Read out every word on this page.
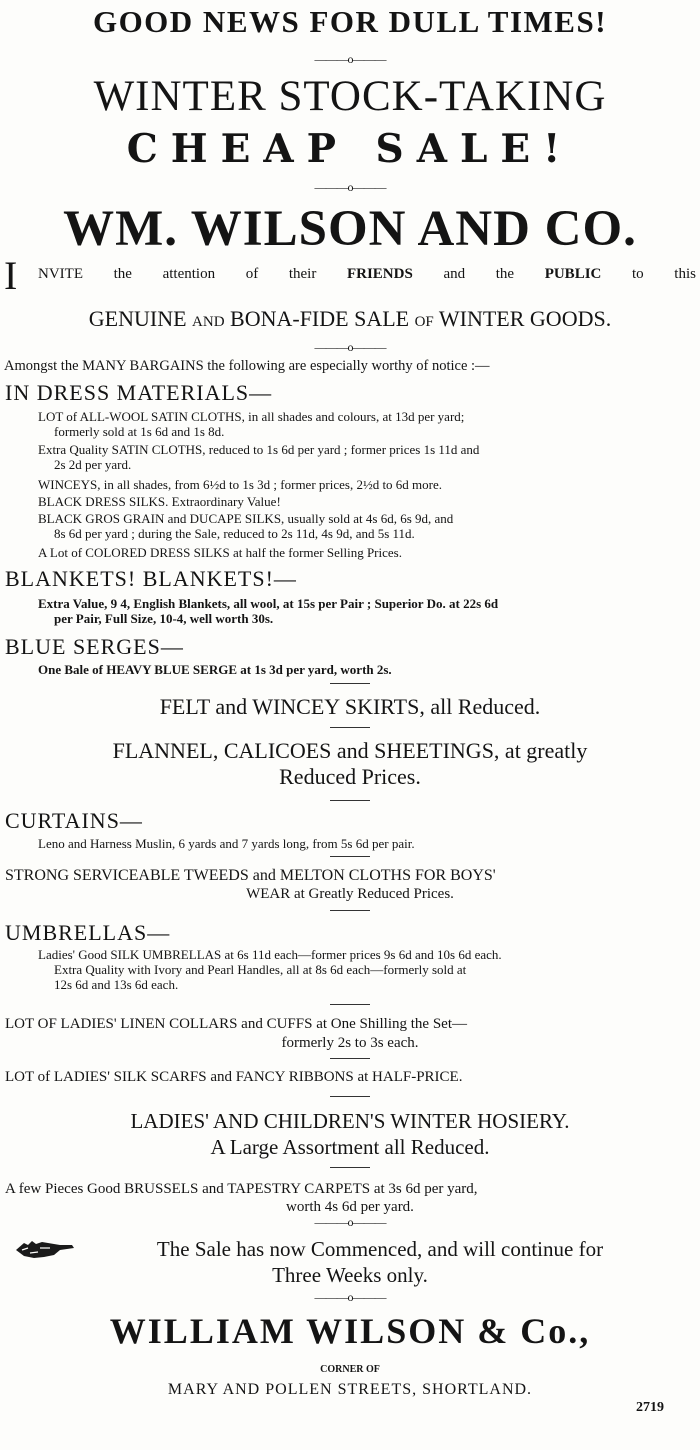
GOOD NEWS FOR DULL TIMES!
———o———
WINTER STOCK-TAKING
CHEAP SALE!
———o———
WM. WILSON AND CO.
I NVITE the attention of their FRIENDS and the PUBLIC to this
GENUINE AND BONA-FIDE SALE OF WINTER GOODS.
———o———
Amongst the MANY BARGAINS the following are especially worthy of notice :—
IN DRESS MATERIALS—
LOT of ALL-WOOL SATIN CLOTHS, in all shades and colours, at 13d per yard;
formerly sold at 1s 6d and 1s 8d.
Extra Quality SATIN CLOTHS, reduced to 1s 6d per yard ; former prices 1s 11d and
2s 2d per yard.
WINCEYS, in all shades, from 6½d to 1s 3d ; former prices, 2½d to 6d more.
BLACK DRESS SILKS. Extraordinary Value!
BLACK GROS GRAIN and DUCAPE SILKS, usually sold at 4s 6d, 6s 9d, and
8s 6d per yard ; during the Sale, reduced to 2s 11d, 4s 9d, and 5s 11d.
A Lot of COLORED DRESS SILKS at half the former Selling Prices.
BLANKETS! BLANKETS!—
Extra Value, 9 4, English Blankets, all wool, at 15s per Pair ; Superior Do. at 22s 6d
per Pair, Full Size, 10-4, well worth 30s.
BLUE SERGES—
One Bale of HEAVY BLUE SERGE at 1s 3d per yard, worth 2s.
FELT and WINCEY SKIRTS, all Reduced.
FLANNEL, CALICOES and SHEETINGS, at greatly
Reduced Prices.
CURTAINS—
Leno and Harness Muslin, 6 yards and 7 yards long, from 5s 6d per pair.
STRONG SERVICEABLE TWEEDS and MELTON CLOTHS FOR BOYS'
WEAR at Greatly Reduced Prices.
UMBRELLAS—
Ladies' Good SILK UMBRELLAS at 6s 11d each—former prices 9s 6d and 10s 6d each.
Extra Quality with Ivory and Pearl Handles, all at 8s 6d each—formerly sold at
12s 6d and 13s 6d each.
LOT OF LADIES' LINEN COLLARS and CUFFS at One Shilling the Set—
formerly 2s to 3s each.
LOT of LADIES' SILK SCARFS and FANCY RIBBONS at HALF-PRICE.
LADIES' AND CHILDREN'S WINTER HOSIERY.
A Large Assortment all Reduced.
A few Pieces Good BRUSSELS and TAPESTRY CARPETS at 3s 6d per yard,
worth 4s 6d per yard.
———o———
The Sale has now Commenced, and will continue for
Three Weeks only.
———o———
WILLIAM WILSON & Co.,
CORNER OF
MARY AND POLLEN STREETS, SHORTLAND.
2719
